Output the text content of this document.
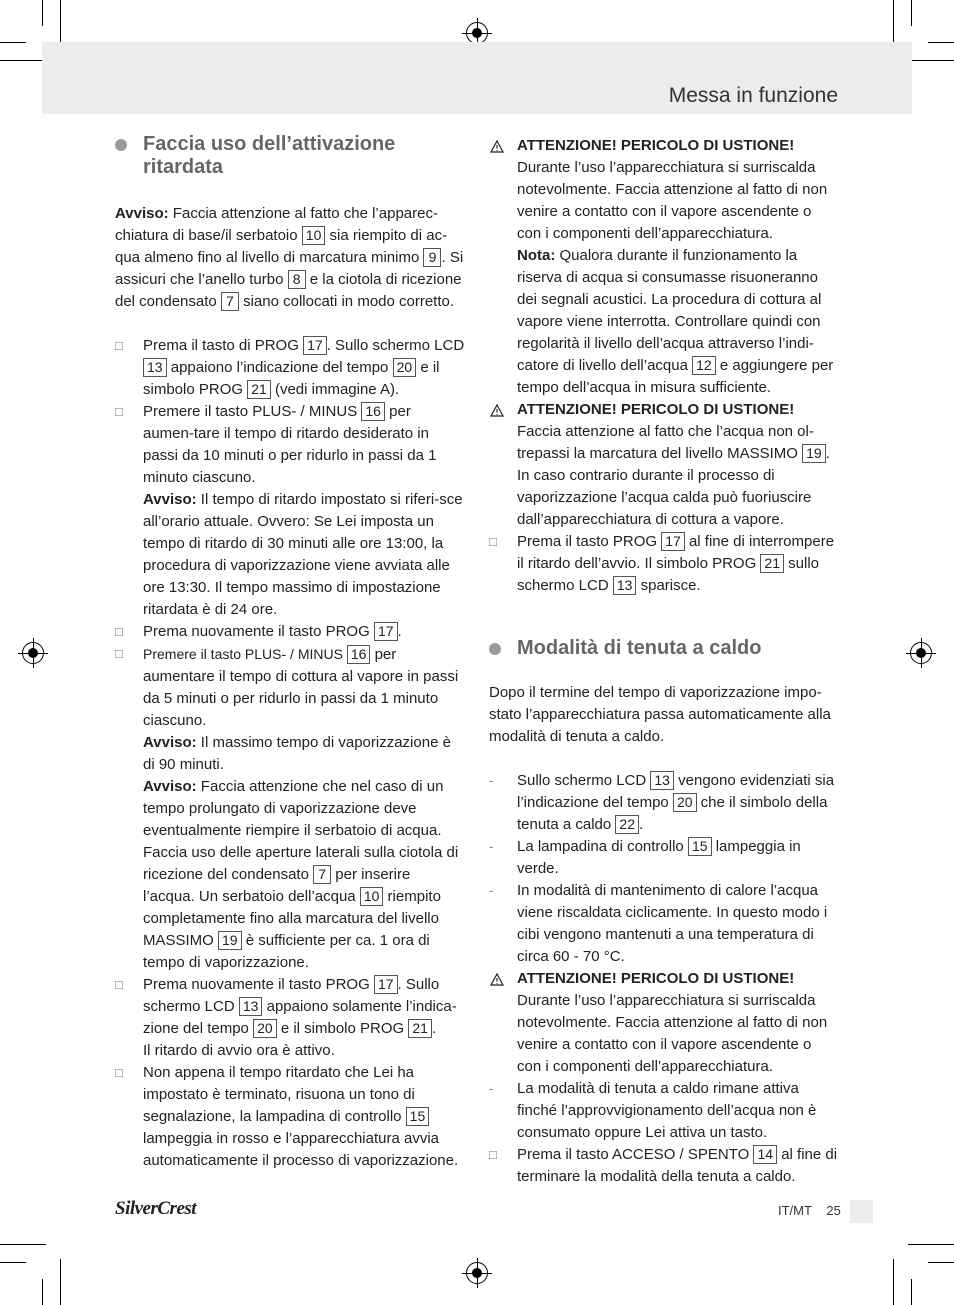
Messa in funzione
Faccia uso dell’attivazione ritardata

Avviso: Faccia attenzione al fatto che l’apparec-chiatura di base/il serbatoio 10 sia riempito di ac-qua almeno fino al livello di marcatura minimo 9 . Si assicuri che l’anello turbo 8 e la ciotola di ricezione del condensato 7 siano collocati in modo corretto.

□ Prema il tasto di PROG 17 . Sullo schermo LCD 13 appaiono l’indicazione del tempo 20 e il simbolo PROG 21 (vedi immagine A).
□ Premere il tasto PLUS- / MINUS 16 per aumen-tare il tempo di ritardo desiderato in passi da 10 minuti o per ridurlo in passi da 1 minuto ciascuno.
Avviso: Il tempo di ritardo impostato si riferi-sce all’orario attuale. Ovvero: Se Lei imposta un tempo di ritardo di 30 minuti alle ore 13:00, la procedura di vaporizzazione viene avviata alle ore 13:30. Il tempo massimo di impostazione ritardata è di 24 ore.
□ Prema nuovamente il tasto PROG 17 .
□ Premere il tasto PLUS- / MINUS 16 per aumentare il tempo di cottura al vapore in passi da 5 minuti o per ridurlo in passi da 1 minuto ciascuno.
Avviso: Il massimo tempo di vaporizzazione è di 90 minuti.
Avviso: Faccia attenzione che nel caso di un tempo prolungato di vaporizzazione deve eventualmente riempire il serbatoio di acqua. Faccia uso delle aperture laterali sulla ciotola di ricezione del condensato 7 per inserire l’acqua. Un serbatoio dell’acqua 10 riempito completamente fino alla marcatura del livello MASSIMO 19 è sufficiente per ca. 1 ora di tempo di vaporizzazione.
□ Prema nuovamente il tasto PROG 17 . Sullo schermo LCD 13 appaiono solamente l’indica-zione del tempo 20 e il simbolo PROG 21 .
Il ritardo di avvio ora è attivo.
□ Non appena il tempo ritardato che Lei ha impostato è terminato, risuona un tono di segnalazione, la lampadina di controllo 15 lampeggia in rosso e l’apparecchiatura avvia automaticamente il processo di vaporizzazione.
ATTENZIONE! PERICOLO DI USTIONE!
Durante l’uso l’apparecchiatura si surriscalda notevolmente. Faccia attenzione al fatto di non venire a contatto con il vapore ascendente o con i componenti dell’apparecchiatura.
Nota: Qualora durante il funzionamento la riserva di acqua si consumasse risuoneranno dei segnali acustici. La procedura di cottura al vapore viene interrotta. Controllare quindi con regolarità il livello dell’acqua attraverso l’indi-catore di livello dell’acqua 12 e aggiungere per tempo dell’acqua in misura sufficiente.
ATTENZIONE! PERICOLO DI USTIONE!
Faccia attenzione al fatto che l’acqua non ol-trepassi la marcatura del livello MASSIMO 19 . In caso contrario durante il processo di vaporizzazione l’acqua calda può fuoriuscire dall’apparecchiatura di cottura a vapore.
□ Prema il tasto PROG 17 al fine di interrompere il ritardo dell’avvio. Il simbolo PROG 21 sullo schermo LCD 13 sparisce.
Modalità di tenuta a caldo

Dopo il termine del tempo di vaporizzazione impo-stato l’apparecchiatura passa automaticamente alla modalità di tenuta a caldo.

- Sullo schermo LCD 13 vengono evidenziati sia l’indicazione del tempo 20 che il simbolo della tenuta a caldo 22 .
- La lampadina di controllo 15 lampeggia in verde.
- In modalità di mantenimento di calore l’acqua viene riscaldata ciclicamente. In questo modo i cibi vengono mantenuti a una temperatura di circa 60 - 70 °C.
ATTENZIONE! PERICOLO DI USTIONE!
Durante l’uso l’apparecchiatura si surriscalda notevolmente. Faccia attenzione al fatto di non venire a contatto con il vapore ascendente o con i componenti dell’apparecchiatura.
- La modalità di tenuta a caldo rimane attiva finché l’approvvigionamento dell’acqua non è consumato oppure Lei attiva un tasto.
□ Prema il tasto ACCESO / SPENTO 14 al fine di terminare la modalità della tenuta a caldo.
SilverCrest	IT/MT 25
